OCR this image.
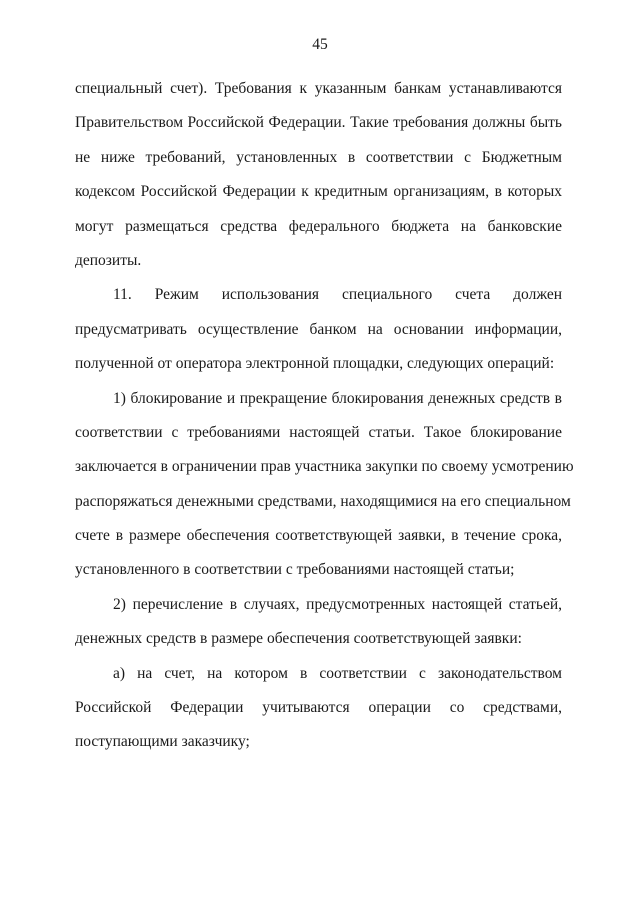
45
специальный счет). Требования к указанным банкам устанавливаются
Правительством Российской Федерации. Такие требования должны быть
не ниже требований, установленных в соответствии с Бюджетным
кодексом Российской Федерации к кредитным организациям, в которых
могут размещаться средства федерального бюджета на банковские
депозиты.
11. Режим использования специального счета должен
предусматривать осуществление банком на основании информации,
полученной от оператора электронной площадки, следующих операций:
1) блокирование и прекращение блокирования денежных средств в
соответствии с требованиями настоящей статьи. Такое блокирование
заключается в ограничении прав участника закупки по своему усмотрению
распоряжаться денежными средствами, находящимися на его специальном
счете в размере обеспечения соответствующей заявки, в течение срока,
установленного в соответствии с требованиями настоящей статьи;
2) перечисление в случаях, предусмотренных настоящей статьей,
денежных средств в размере обеспечения соответствующей заявки:
а) на счет, на котором в соответствии с законодательством
Российской Федерации учитываются операции со средствами,
поступающими заказчику;
